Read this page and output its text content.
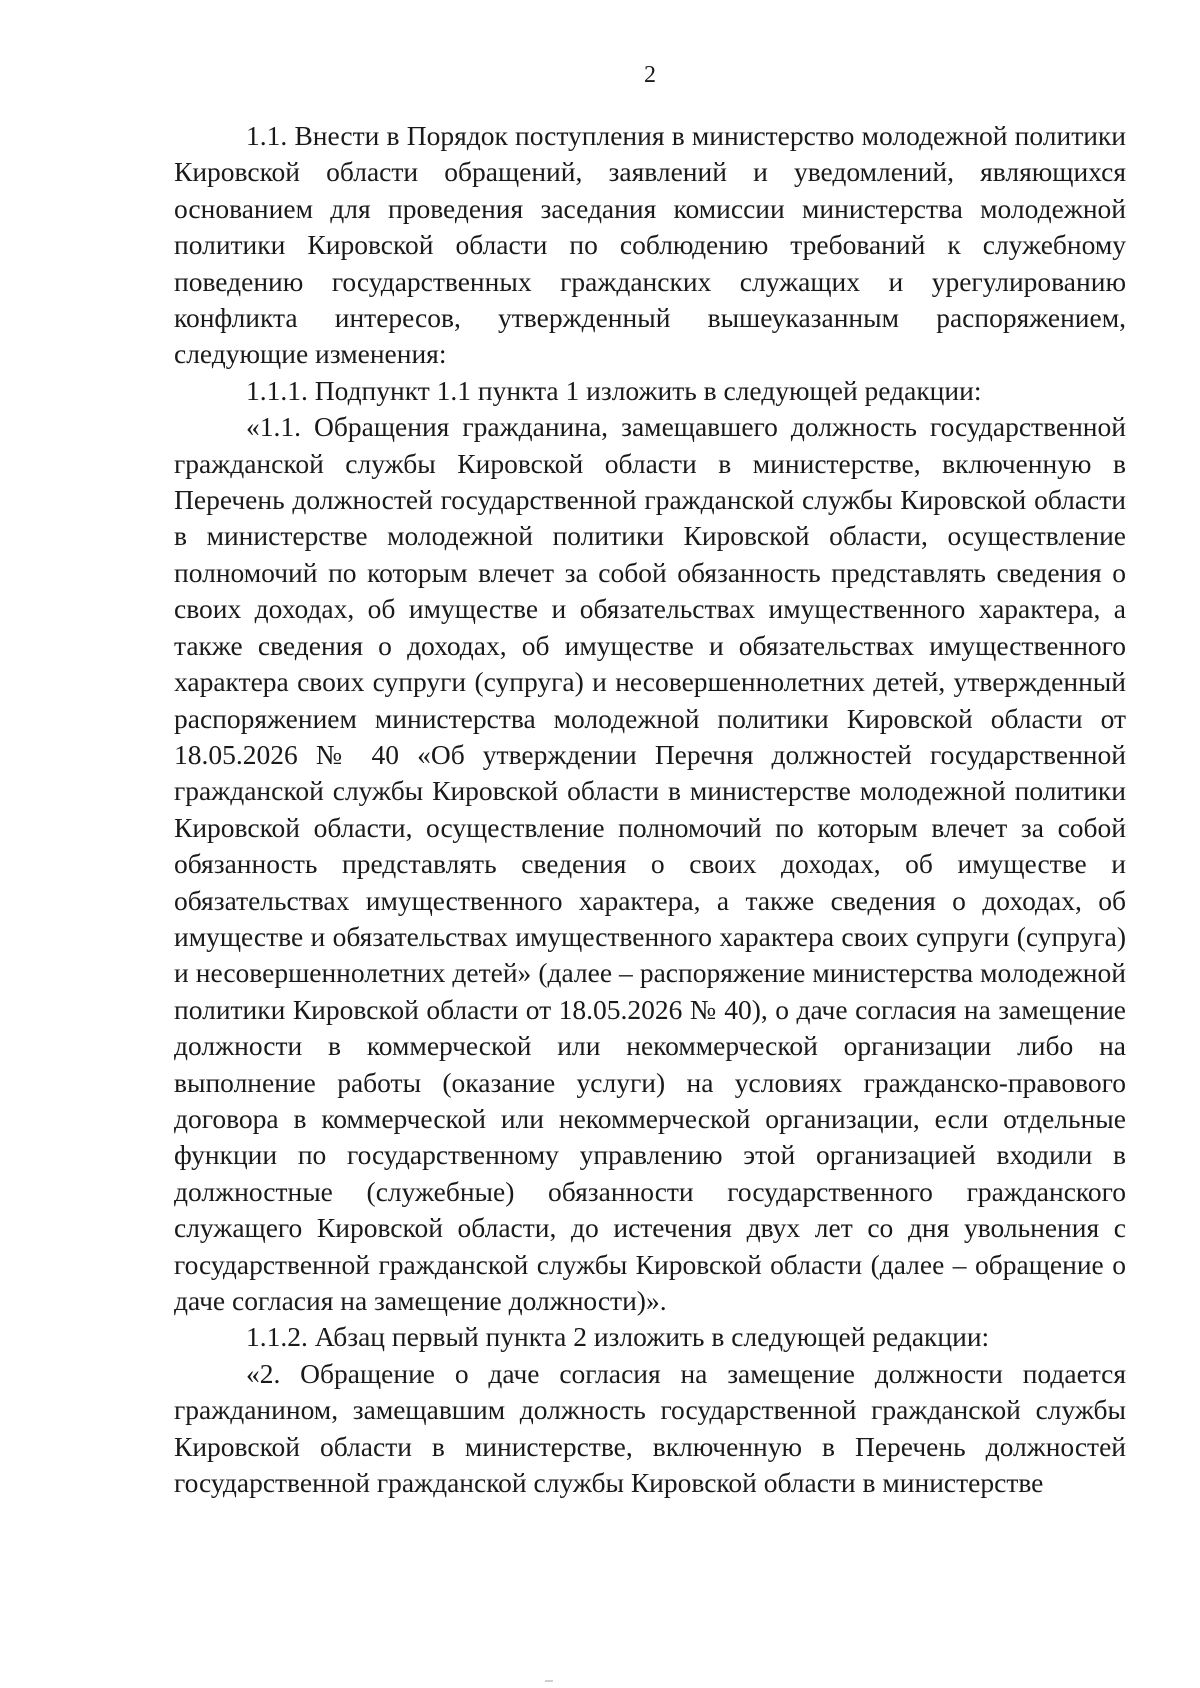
2

1.1. Внести в Порядок поступления в министерство молодежной политики Кировской области обращений, заявлений и уведомлений, являющихся основанием для проведения заседания комиссии министерства молодежной политики Кировской области по соблюдению требований к служебному поведению государственных гражданских служащих и урегулированию конфликта интересов, утвержденный вышеуказанным распоряжением, следующие изменения:

1.1.1. Подпункт 1.1 пункта 1 изложить в следующей редакции:

«1.1. Обращения гражданина, замещавшего должность государственной гражданской службы Кировской области в министерстве, включенную в Перечень должностей государственной гражданской службы Кировской области в министерстве молодежной политики Кировской области, осуществление полномочий по которым влечет за собой обязанность представлять сведения о своих доходах, об имуществе и обязательствах имущественного характера, а также сведения о доходах, об имуществе и обязательствах имущественного характера своих супруги (супруга) и несовершеннолетних детей, утвержденный распоряжением министерства молодежной политики Кировской области от 18.05.2026 № 40 «Об утверждении Перечня должностей государственной гражданской службы Кировской области в министерстве молодежной политики Кировской области, осуществление полномочий по которым влечет за собой обязанность представлять сведения о своих доходах, об имуществе и обязательствах имущественного характера, а также сведения о доходах, об имуществе и обязательствах имущественного характера своих супруги (супруга) и несовершеннолетних детей» (далее – распоряжение министерства молодежной политики Кировской области от 18.05.2026 № 40), о даче согласия на замещение должности в коммерческой или некоммерческой организации либо на выполнение работы (оказание услуги) на условиях гражданско-правового договора в коммерческой или некоммерческой организации, если отдельные функции по государственному управлению этой организацией входили в должностные (служебные) обязанности государственного гражданского служащего Кировской области, до истечения двух лет со дня увольнения с государственной гражданской службы Кировской области (далее – обращение о даче согласия на замещение должности)».

1.1.2. Абзац первый пункта 2 изложить в следующей редакции:

«2. Обращение о даче согласия на замещение должности подается гражданином, замещавшим должность государственной гражданской службы Кировской области в министерстве, включенную в Перечень должностей государственной гражданской службы Кировской области в министерстве
